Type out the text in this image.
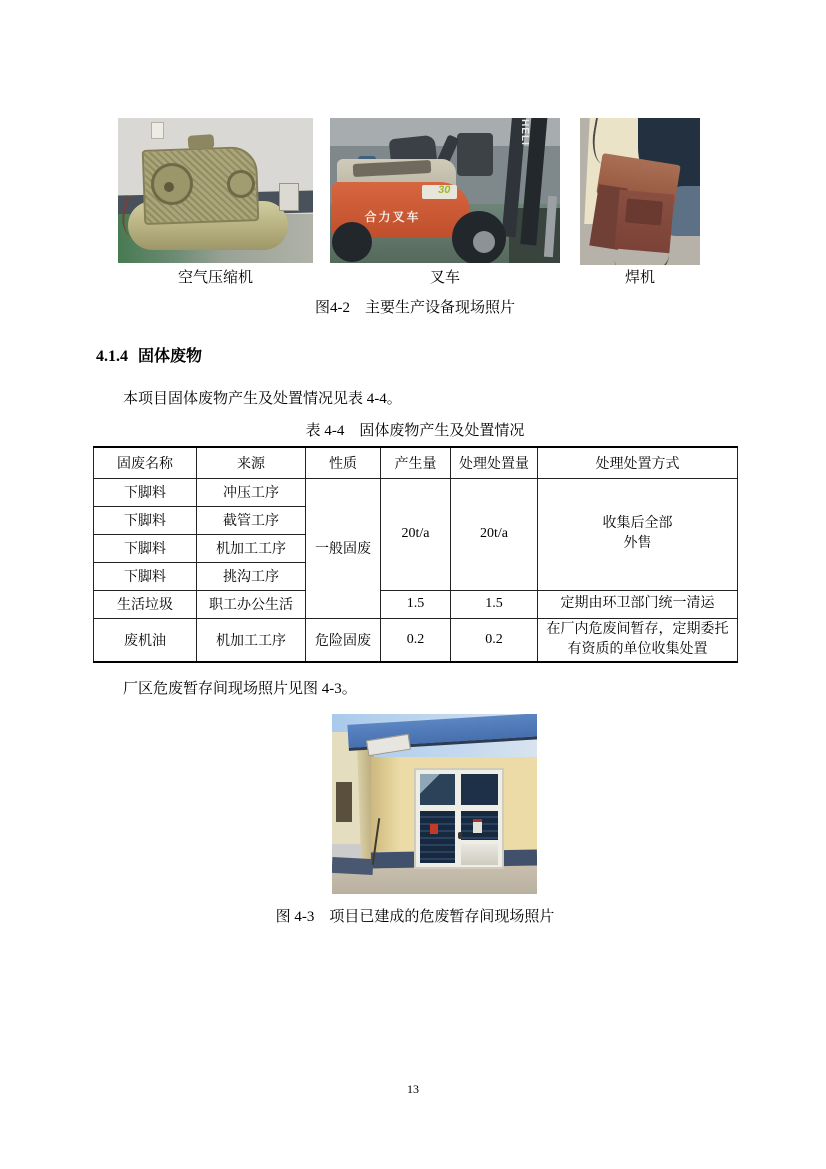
HELI
30
合力叉车
空气压缩机	叉车	焊机
图4-2　主要生产设备现场照片
4.1.4 固体废物
本项目固体废物产生及处置情况见表 4-4。
表 4-4　固体废物产生及处置情况
固废名称	来源	性质	产生量	处理处置量	处理处置方式
下脚料	冲压工序	一般固废	20t/a	20t/a	收集后全部
外售

下脚料	截管工序				
下脚料	机加工工序				
下脚料	挑沟工序				
生活垃圾	职工办公生活		1.5	1.5	定期由环卫部门统一清运
废机油	机加工工序	危险固废	0.2	0.2	在厂内危废间暂存，定期委托有资质的单位收集处置
厂区危废暂存间现场照片见图 4-3。
图 4-3　项目已建成的危废暂存间现场照片
13
